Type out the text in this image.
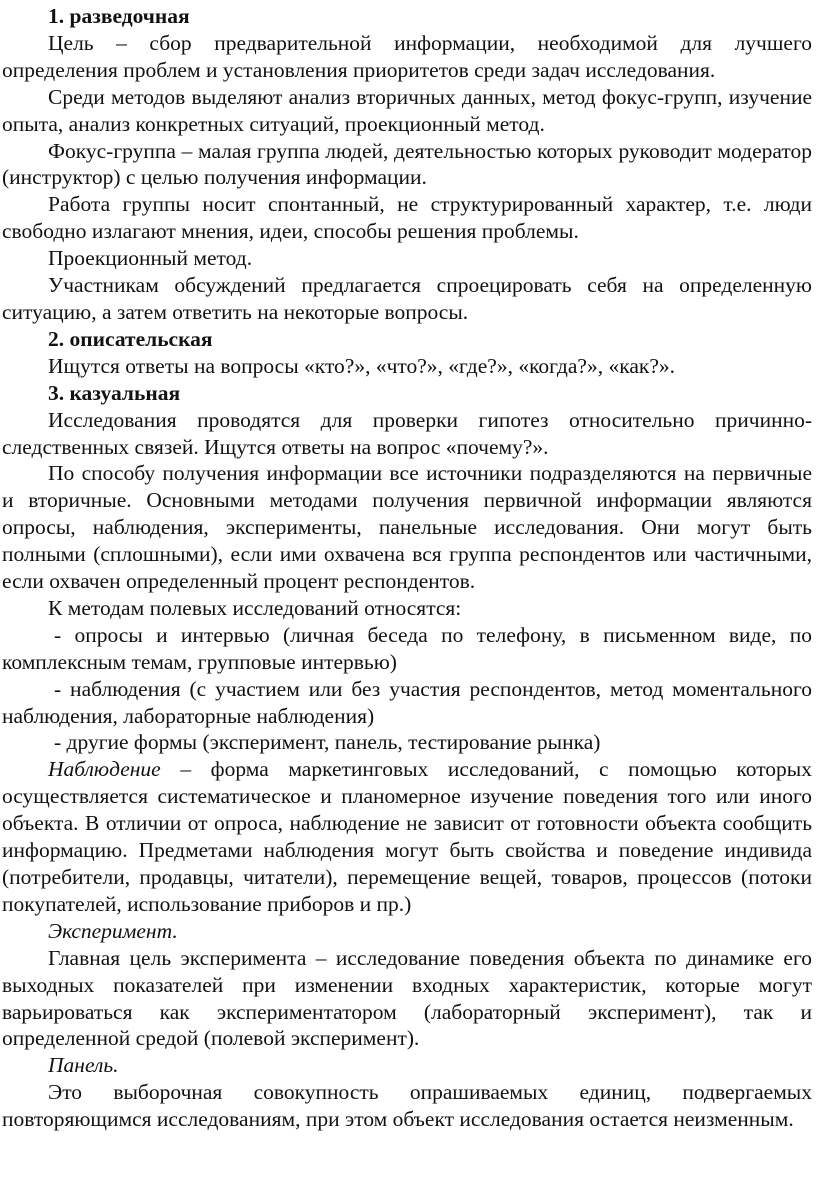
1. разведочная

Цель – сбор предварительной информации, необходимой для лучшего определения проблем и установления приоритетов среди задач исследования.

Среди методов выделяют анализ вторичных данных, метод фокус-групп, изучение опыта, анализ конкретных ситуаций, проекционный метод.

Фокус-группа – малая группа людей, деятельностью которых руководит модератор (инструктор) с целью получения информации.

Работа группы носит спонтанный, не структурированный характер, т.е. люди свободно излагают мнения, идеи, способы решения проблемы.

Проекционный метод.

Участникам обсуждений предлагается спроецировать себя на определенную ситуацию, а затем ответить на некоторые вопросы.

2. описательская

Ищутся ответы на вопросы «кто?», «что?», «где?», «когда?», «как?».

3. казуальная

Исследования проводятся для проверки гипотез относительно причинно-следственных связей. Ищутся ответы на вопрос «почему?».

По способу получения информации все источники подразделяются на первичные и вторичные. Основными методами получения первичной информации являются опросы, наблюдения, эксперименты, панельные исследования. Они могут быть полными (сплошными), если ими охвачена вся группа респондентов или частичными, если охвачен определенный процент респондентов.

К методам полевых исследований относятся:

- опросы и интервью (личная беседа по телефону, в письменном виде, по комплексным темам, групповые интервью)

- наблюдения (с участием или без участия респондентов, метод моментального наблюдения, лабораторные наблюдения)

- другие формы (эксперимент, панель, тестирование рынка)

Наблюдение – форма маркетинговых исследований, с помощью которых осуществляется систематическое и планомерное изучение поведения того или иного объекта. В отличии от опроса, наблюдение не зависит от готовности объекта сообщить информацию. Предметами наблюдения могут быть свойства и поведение индивида (потребители, продавцы, читатели), перемещение вещей, товаров, процессов (потоки покупателей, использование приборов и пр.)

Эксперимент.

Главная цель эксперимента – исследование поведения объекта по динамике его выходных показателей при изменении входных характеристик, которые могут варьироваться как экспериментатором (лабораторный эксперимент), так и определенной средой (полевой эксперимент).

Панель.

Это выборочная совокупность опрашиваемых единиц, подвергаемых повторяющимся исследованиям, при этом объект исследования остается неизменным.
